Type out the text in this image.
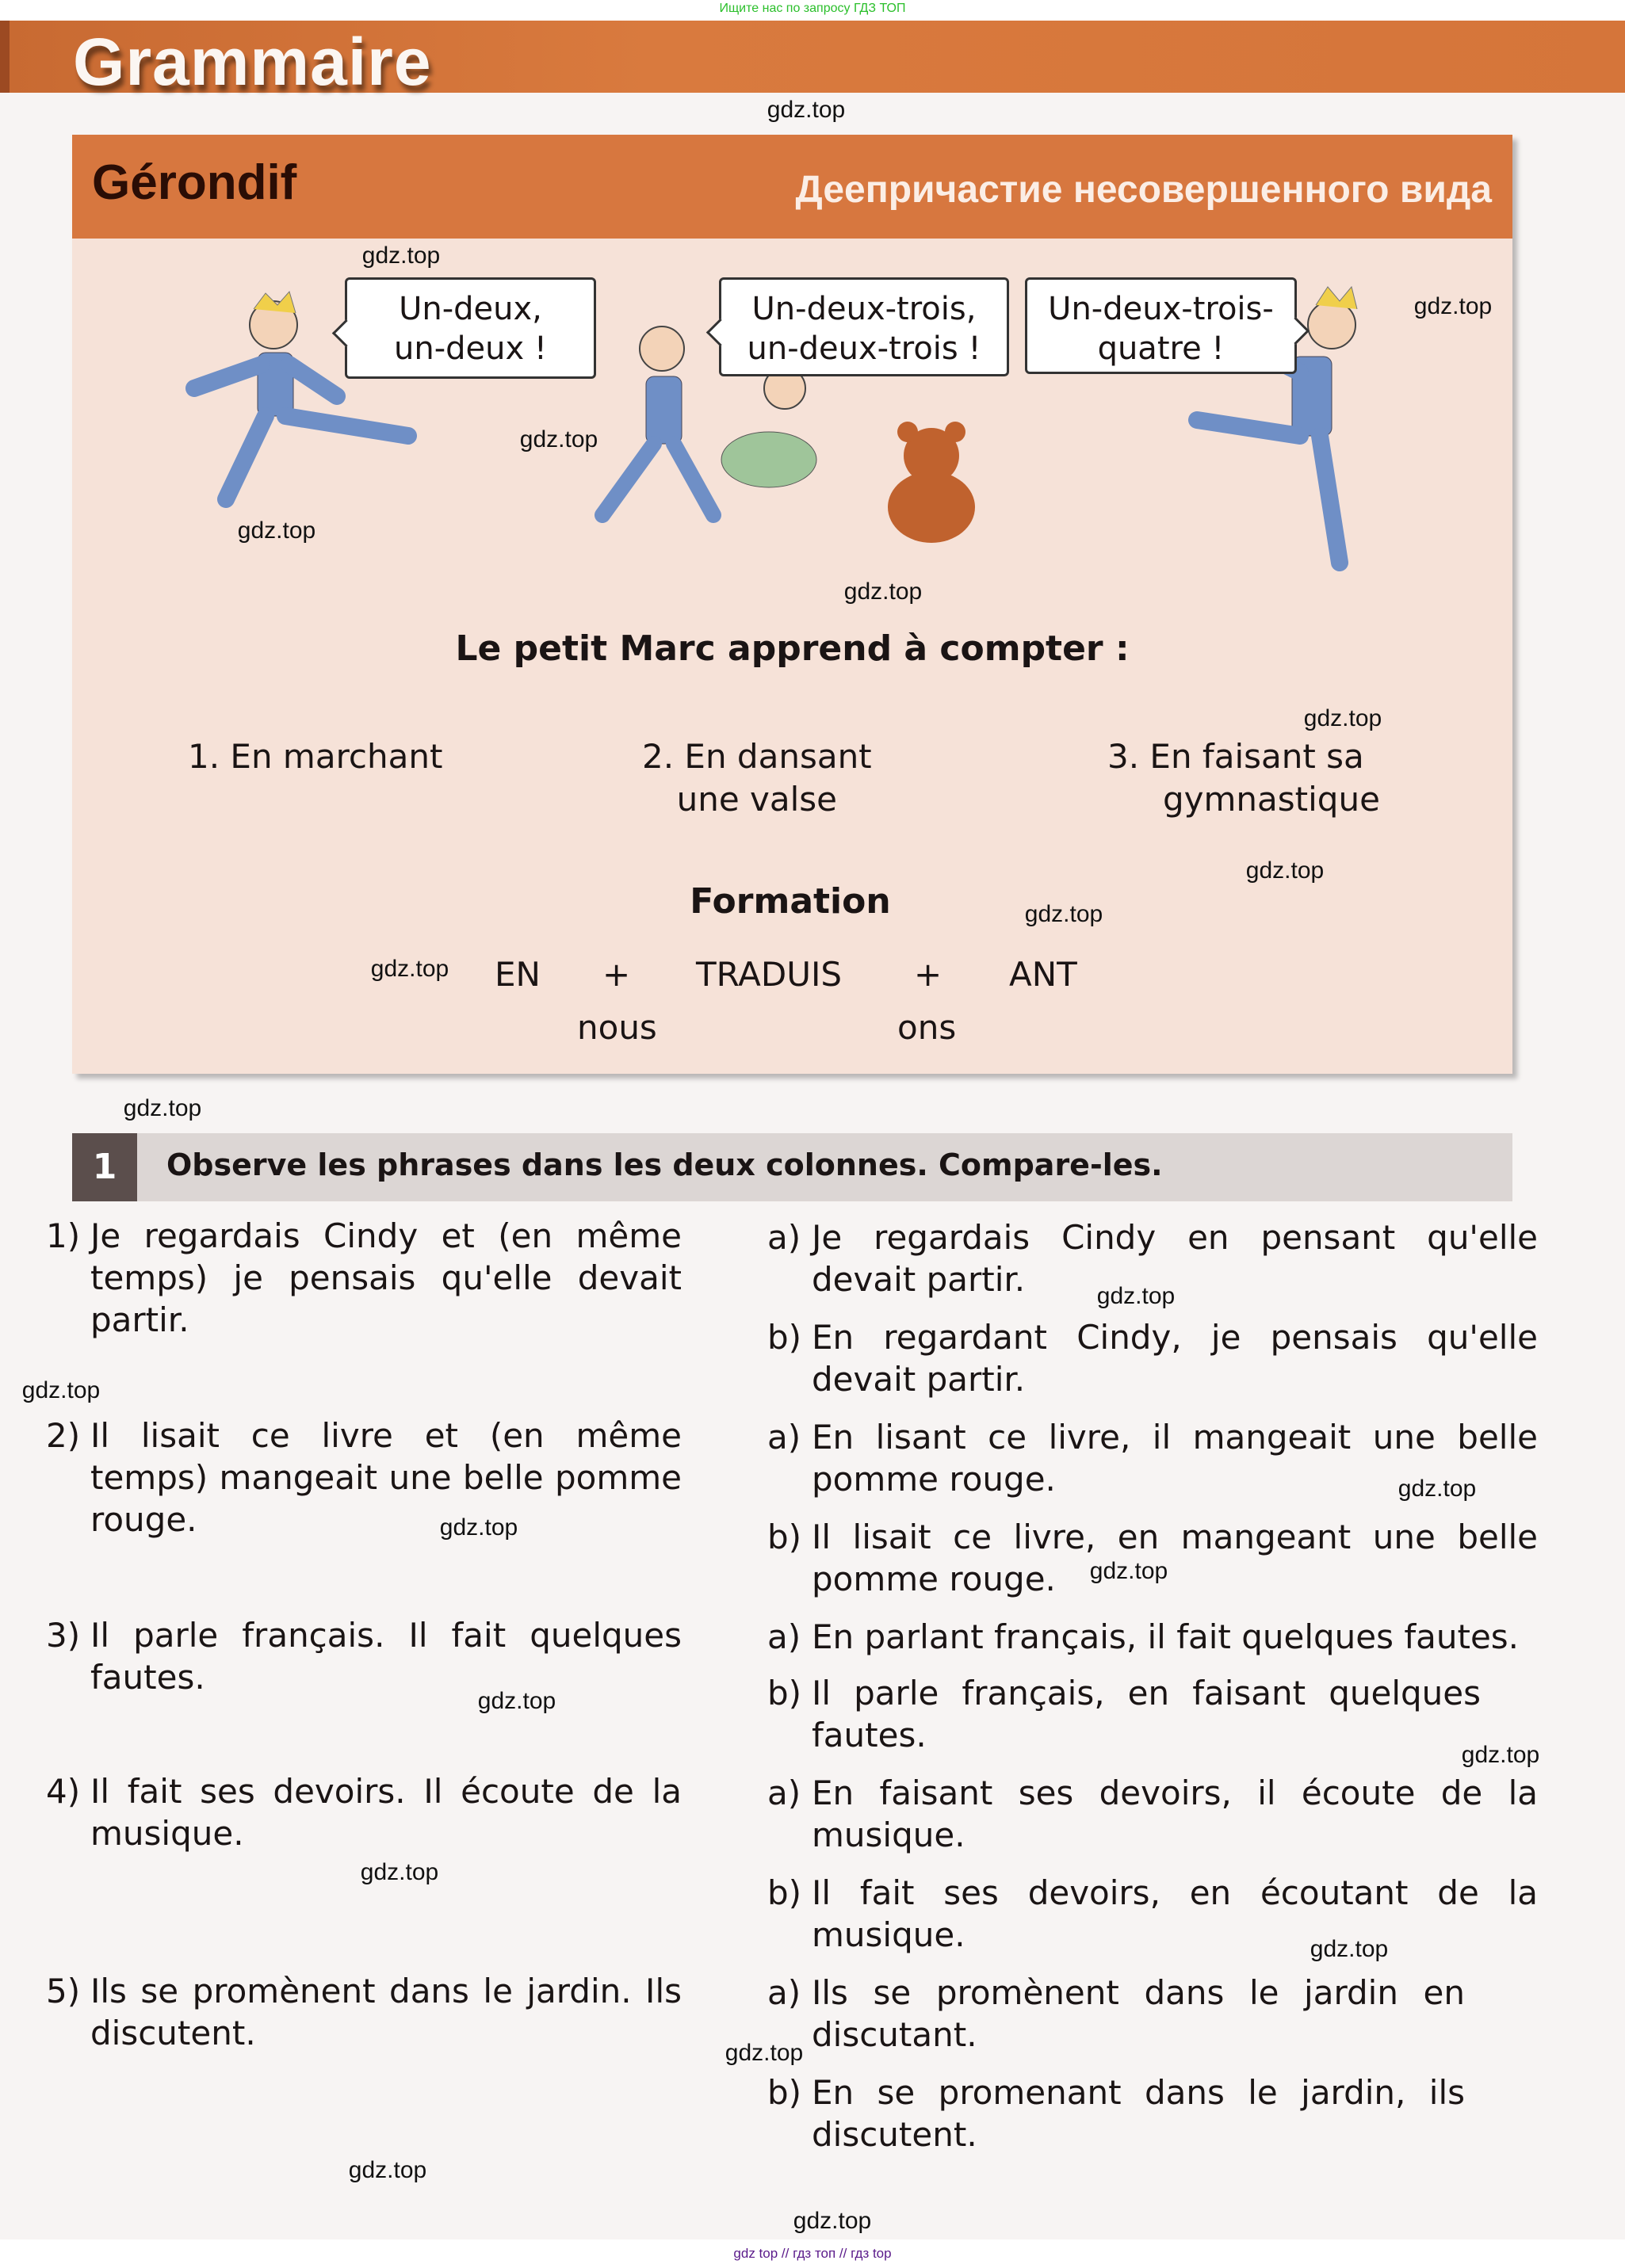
Ищите нас по запросу ГДЗ ТОП
Grammaire
Gérondif	Деепричастие несовершенного вида
Un-deux,
un-deux !
Un-deux-trois,
un-deux-trois !
Un-deux-trois-
quatre !
Le petit Marc apprend à compter :
1. En marchant	2. En dansant
une valse
3. En faisant sa
gymnastique
Formation
EN + TRADUIS + ANT
nous	ons
1	Observe les phrases dans les deux colonnes. Compare-les.
1) Je regardais Cindy et (en même temps) je pensais qu'elle devait partir.
2) Il lisait ce livre et (en même temps) mangeait une belle pomme rouge.
3) Il parle français. Il fait quelques fautes.
4) Il fait ses devoirs. Il écoute de la musique.
5) Ils se promènent dans le jardin. Ils discutent.
a) Je regardais Cindy en pensant qu'elle devait partir.
b) En regardant Cindy, je pensais qu'elle devait partir.
a) En lisant ce livre, il mangeait une belle pomme rouge.
b) Il lisait ce livre, en mangeant une belle pomme rouge.
a) En parlant français, il fait quelques fautes.
b) Il parle français, en faisant quelques fautes.
a) En faisant ses devoirs, il écoute de la musique.
b) Il fait ses devoirs, en écoutant de la musique.
a) Ils se promènent dans le jardin en discutant.
b) En se promenant dans le jardin, ils discutent.
gdz.top
gdz.top
gdz.top
gdz.top
gdz.top
gdz.top
gdz.top
gdz.top
gdz.top
gdz.top
gdz.top
gdz.top
gdz.top
gdz.top
gdz.top
gdz.top
gdz.top
gdz.top
gdz.top
gdz.top
gdz.top
gdz.top
gdz.top
gdz top // гдз топ // гдз top
